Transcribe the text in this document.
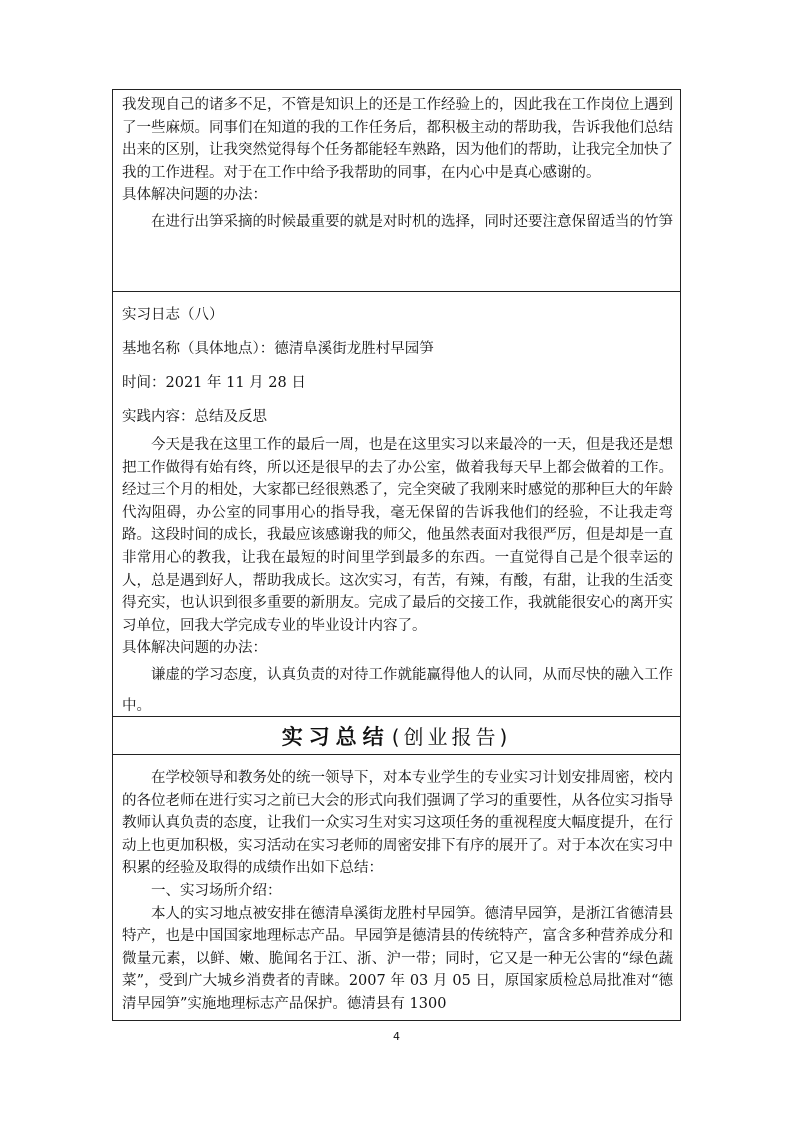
我发现自己的诸多不足，不管是知识上的还是工作经验上的，因此我在工作岗位上遇到了一些麻烦。同事们在知道的我的工作任务后，都积极主动的帮助我，告诉我他们总结出来的区别，让我突然觉得每个任务都能轻车熟路，因为他们的帮助，让我完全加快了我的工作进程。对于在工作中给予我帮助的同事，在内心中是真心感谢的。

具体解决问题的办法：

在进行出笋采摘的时候最重要的就是对时机的选择，同时还要注意保留适当的竹笋

实习日志（八）

基地名称（具体地点）：德清阜溪街龙胜村早园笋

时间：2021 年 11 月 28 日

实践内容：总结及反思

今天是我在这里工作的最后一周，也是在这里实习以来最冷的一天，但是我还是想把工作做得有始有终，所以还是很早的去了办公室，做着我每天早上都会做着的工作。经过三个月的相处，大家都已经很熟悉了，完全突破了我刚来时感觉的那种巨大的年龄代沟阻碍，办公室的同事用心的指导我，毫无保留的告诉我他们的经验，不让我走弯路。这段时间的成长，我最应该感谢我的师父，他虽然表面对我很严厉，但是却是一直非常用心的教我，让我在最短的时间里学到最多的东西。一直觉得自己是个很幸运的人，总是遇到好人，帮助我成长。这次实习，有苦，有辣，有酸，有甜，让我的生活变得充实，也认识到很多重要的新朋友。完成了最后的交接工作，我就能很安心的离开实习单位，回我大学完成专业的毕业设计内容了。

具体解决问题的办法：

谦虚的学习态度，认真负责的对待工作就能赢得他人的认同，从而尽快的融入工作中。

实习总结 (创业报告)

在学校领导和教务处的统一领导下，对本专业学生的专业实习计划安排周密，校内的各位老师在进行实习之前已大会的形式向我们强调了学习的重要性，从各位实习指导教师认真负责的态度，让我们一众实习生对实习这项任务的重视程度大幅度提升，在行动上也更加积极，实习活动在实习老师的周密安排下有序的展开了。对于本次在实习中积累的经验及取得的成绩作出如下总结：

一、实习场所介绍：

本人的实习地点被安排在德清阜溪街龙胜村早园笋。德清早园笋，是浙江省德清县特产，也是中国国家地理标志产品。早园笋是德清县的传统特产，富含多种营养成分和微量元素，以鲜、嫩、脆闻名于江、浙、沪一带；同时，它又是一种无公害的“绿色蔬菜”，受到广大城乡消费者的青睐。2007 年 03 月 05 日，原国家质检总局批准对“德清早园笋”实施地理标志产品保护。德清县有 1300

4
